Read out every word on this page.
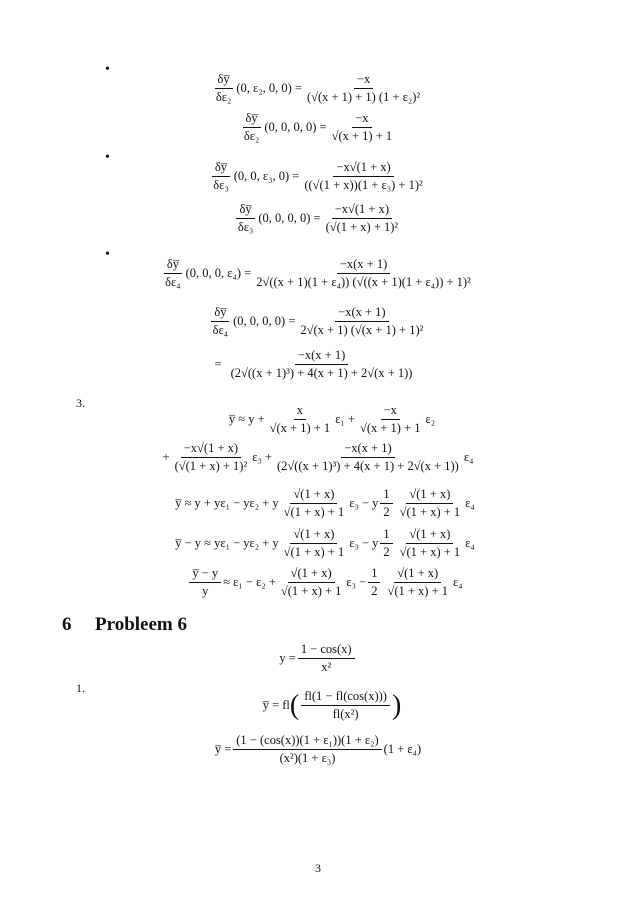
•
•
•
3.
1.
$\frac{\delta y̅}{\text{δε₂}} (0$, ε₂, 0, $0) = \frac{-x}{\text{(√(x + 1) + 1) (1 + ε₂)²}}$
$\frac{\delta y̅}{\text{δε₂}} (0$, 0, 0, $0) = \frac{-x}{√(x + 1) + 1}$
$\frac{\delta y̅}{\text{δε₃}} (0$, 0, ε₃, $0) = \frac{-x√(1 + x)}{\text{((√(1 + x))(1 + ε₃) + 1)²}}$
$\frac{\delta y̅}{\text{δε₃}} (0$, 0, 0, $0) = \frac{-x√(1 + x)}{\text{(√(1 + x) + 1)²}}$
$\frac{\delta y̅}{\text{δε₄}} (0$, 0, 0, $\varepsilon_4) = \frac{-x(x + 1)}{\text{2√((x + 1)(1 + ε₄)) (√((x + 1)(1 + ε₄)) + 1)²}}$
$\frac{\delta y̅}{\text{δε₄}} (0$, 0, 0, $0) = \frac{-x(x + 1)}{\text{2√(x + 1) (√(x + 1) + 1)²}}$
= $\frac{-x(x + 1)}{\text{(2√((x + 1)³) + 4(x + 1) + 2√(x + 1))}}$
y̅ ≈ $y + \frac{x}{√(x + 1) + 1} \varepsilon_1 + \frac{-x}{√(x + 1) + 1} \varepsilon_2$
+ $\frac{-x√(1 + x)}{\text{(√(1 + x) + 1)²}} \varepsilon_3 + \frac{-x(x + 1)}{\text{(2√((x + 1)³) + 4(x + 1) + 2√(x + 1))}} \varepsilon_4$
y̅ ≈ y + yε₁ − yε₂ + y $\frac{√(1 + x)}{√(1 + x) + 1} \varepsilon_3 - y \frac{1}{2} \frac{√(1 + x)}{√(1 + x) + 1} \varepsilon_4$
y̅ − y ≈ yε₁ − yε₂ + y $\frac{√(1 + x)}{√(1 + x) + 1} \varepsilon_3 - y \frac{1}{2} \frac{√(1 + x)}{√(1 + x) + 1} \varepsilon_4$
$\frac{y̅ - y}{y} \approx \varepsilon_1 - \varepsilon_2 + \frac{√(1 + x)}{√(1 + x) + 1} \varepsilon_3 - \frac{1}{2} \frac{√(1 + x)}{√(1 + x) + 1} \varepsilon_4$
6 Probleem 6
$y = \frac{1 - \cos(x)}{\text{x²}}$
y̅ = fl ( $\frac{fl(1 - fl(\cos(x)))}{\text{fl(x²)}}$ )
y̅ = $\frac{\text{(1 − (cos(x))(1 + ε₁))(1 + ε₂)}}{\text{(x²)(1 + ε₃)}} (1 + \varepsilon_4)$
3
